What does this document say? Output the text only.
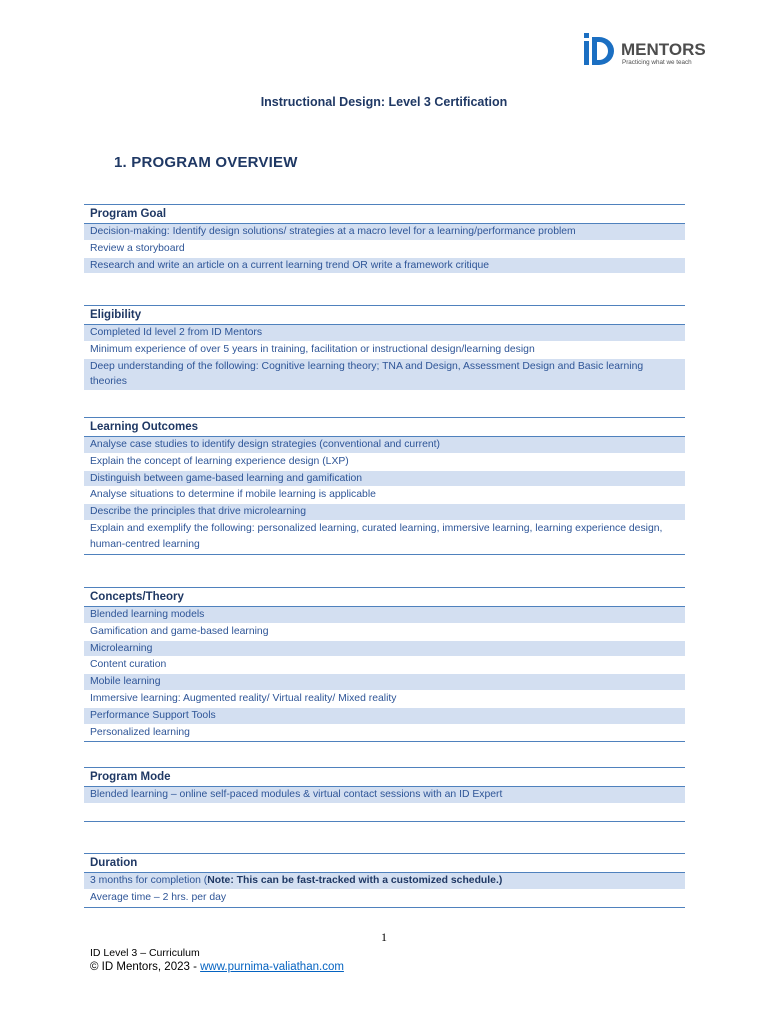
MENTORS
Practicing what we teach
Instructional Design: Level 3 Certification
1. PROGRAM OVERVIEW
Program Goal
Decision-making: Identify design solutions/ strategies at a macro level for a learning/performance problem
Review a storyboard
Research and write an article on a current learning trend OR write a framework critique
Eligibility
Completed Id level 2 from ID Mentors
Minimum experience of over 5 years in training, facilitation or instructional design/learning design
Deep understanding of the following: Cognitive learning theory; TNA and Design, Assessment Design and Basic learning theories
Learning Outcomes
Analyse case studies to identify design strategies (conventional and current)
Explain the concept of learning experience design (LXP)
Distinguish between game-based learning and gamification
Analyse situations to determine if mobile learning is applicable
Describe the principles that drive microlearning
Explain and exemplify the following: personalized learning, curated learning, immersive learning, learning experience design, human-centred learning
Concepts/Theory
Blended learning models
Gamification and game-based learning
Microlearning
Content curation
Mobile learning
Immersive learning: Augmented reality/ Virtual reality/ Mixed reality
Performance Support Tools
Personalized learning
Program Mode
Blended learning – online self-paced modules & virtual contact sessions with an ID Expert
Duration
3 months for completion (Note: This can be fast-tracked with a customized schedule.)
Average time – 2 hrs. per day
1
ID Level 3 – Curriculum
© ID Mentors, 2023 - www.purnima-valiathan.com
